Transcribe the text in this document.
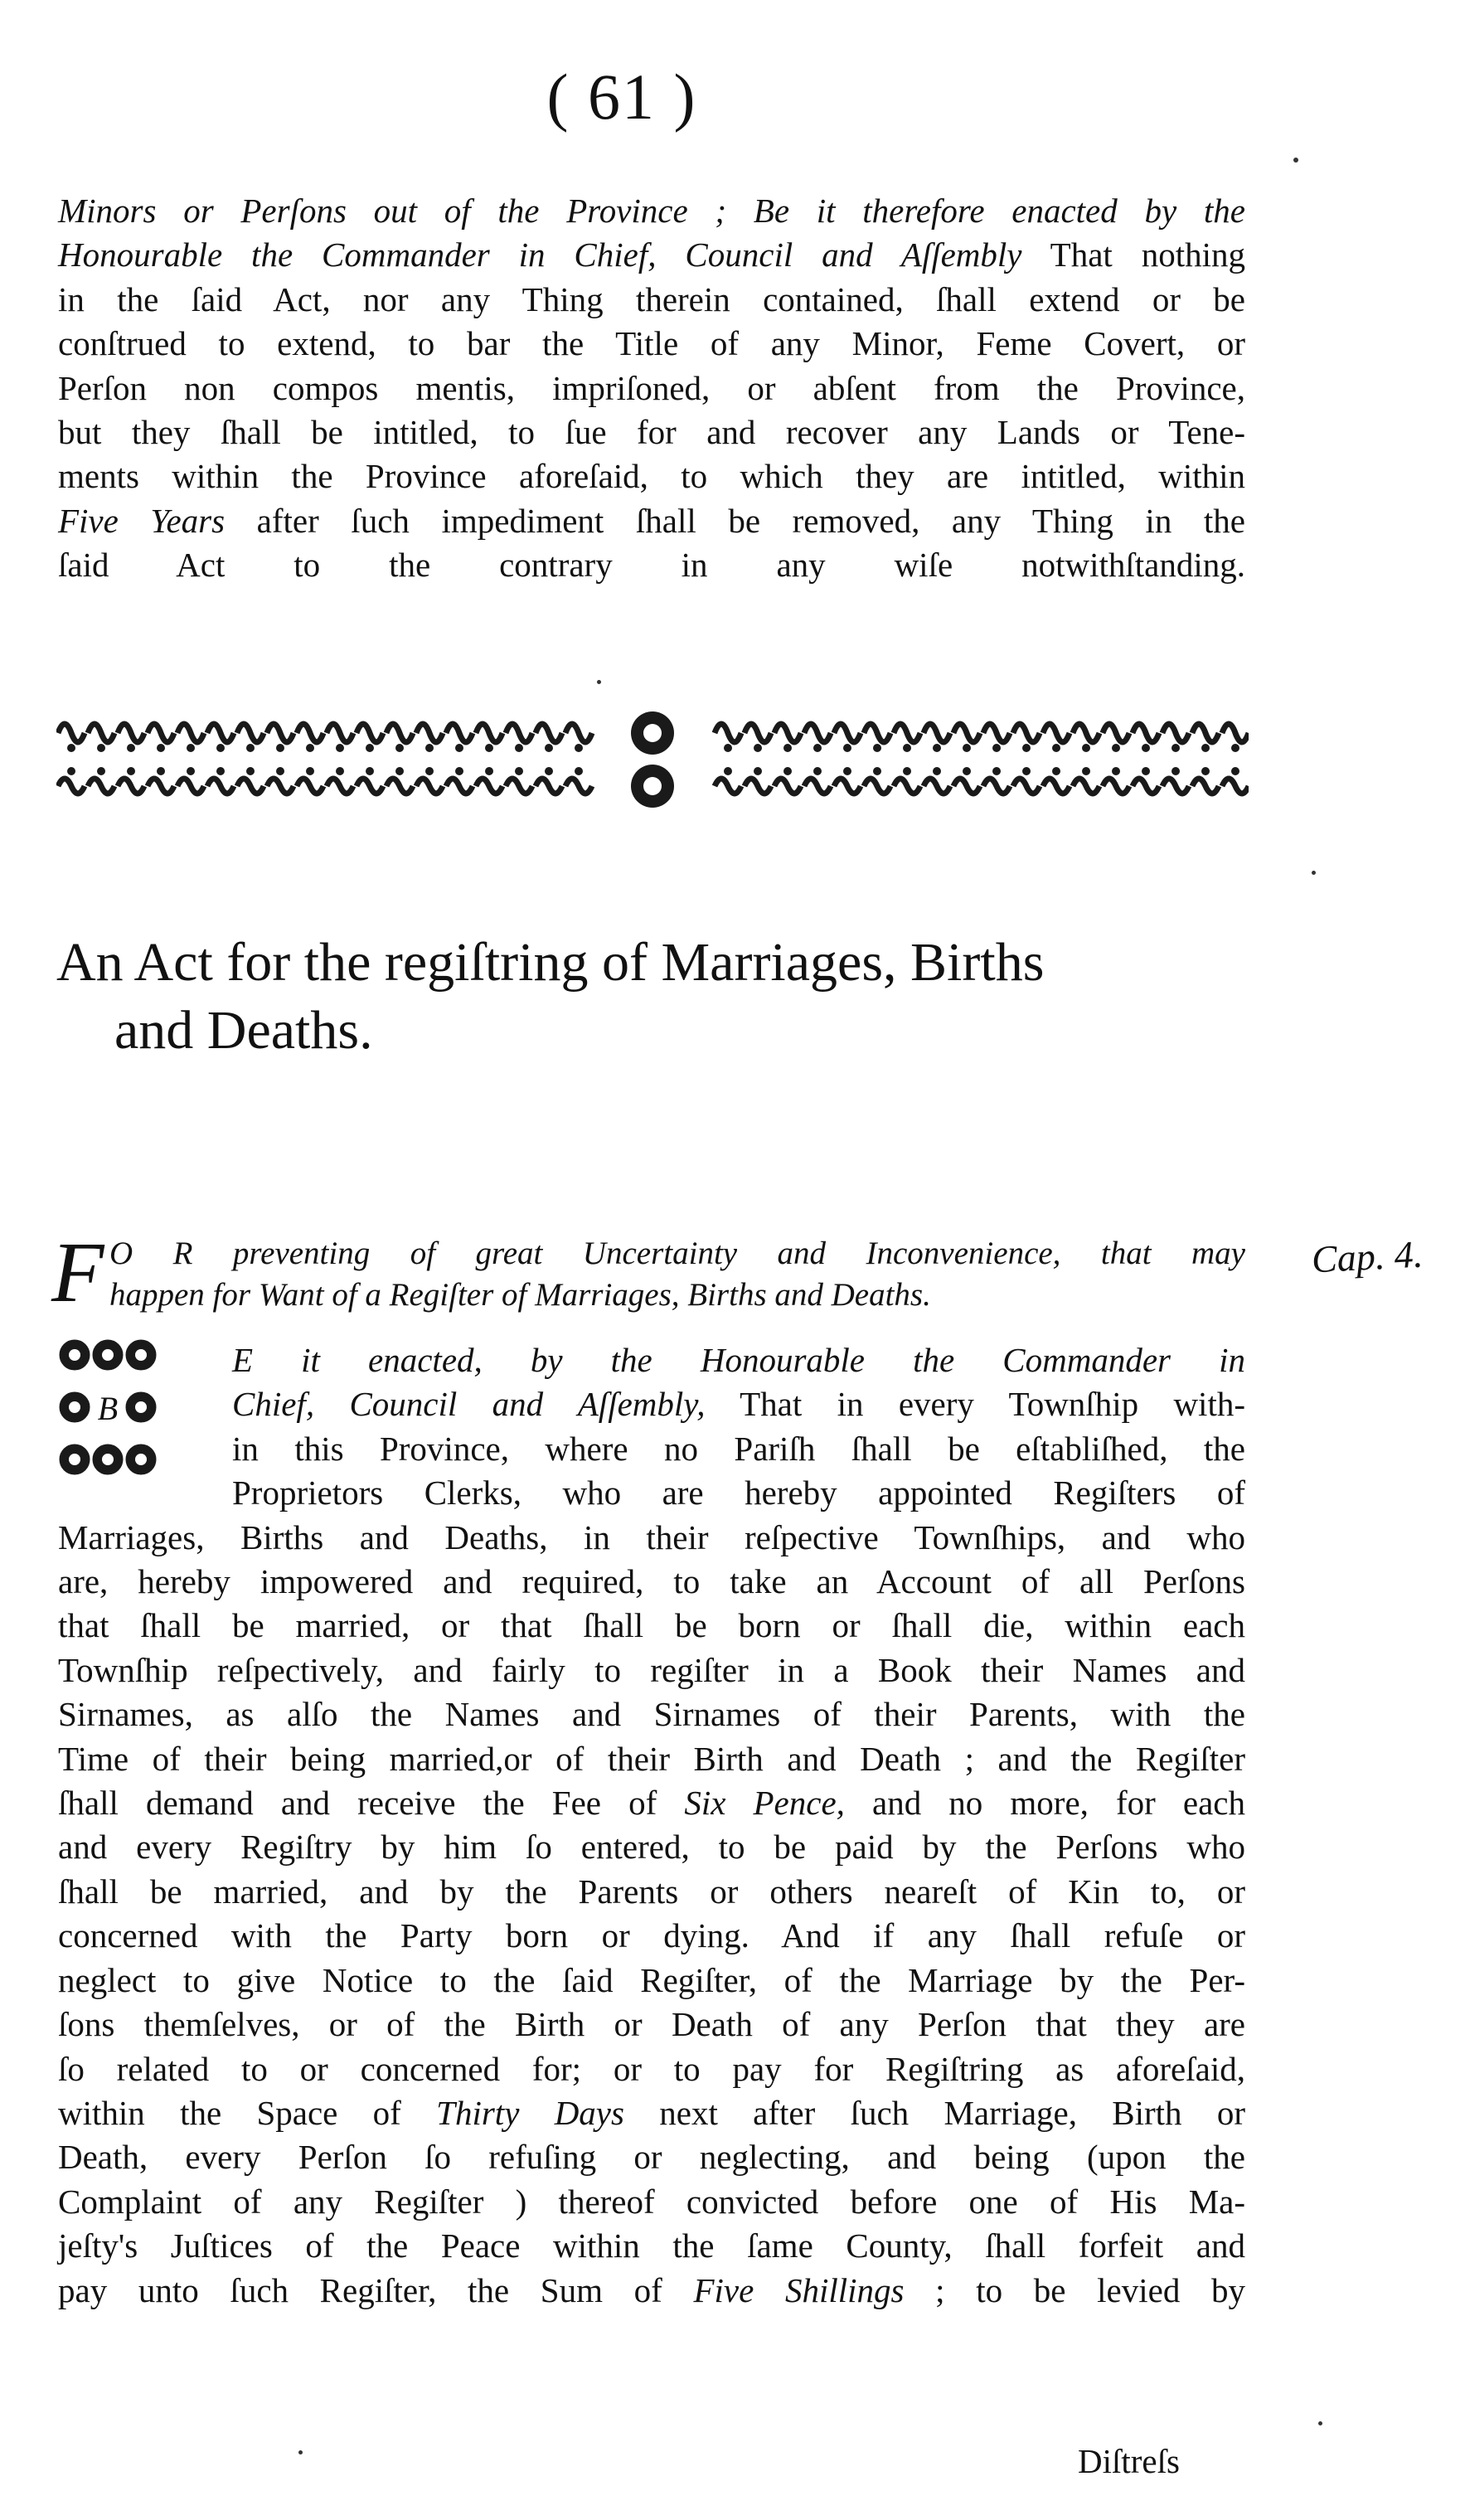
( 61 )
Minors or Perſons out of the Province ; Be it therefore enacted by the
Honourable the Commander in Chief, Council and Aſſembly That nothing
in the ſaid Act, nor any Thing therein contained, ſhall extend or be
conſtrued to extend, to bar the Title of any Minor, Feme Covert, or
Perſon non compos mentis, impriſoned, or abſent from the Province,
but they ſhall be intitled, to ſue for and recover any Lands or Tene-
ments within the Province aforeſaid, to which they are intitled, within
Five Years after ſuch impediment ſhall be removed, any Thing in the
ſaid Act to the contrary in any wiſe notwithſtanding.
An Act for the regiſtring of Marriages, Births
and Deaths.
F O R preventing of great Uncertainty and Inconvenience, that may
happen for Want of a Regiſter of Marriages, Births and Deaths.
Cap. 4.
B
E it enacted, by the Honourable the Commander in
Chief, Council and Aſſembly, That in every Townſhip with-
in this Province, where no Pariſh ſhall be eſtabliſhed, the
Proprietors Clerks, who are hereby appointed Regiſters of
Marriages, Births and Deaths, in their reſpective Townſhips, and who
are, hereby impowered and required, to take an Account of all Perſons
that ſhall be married, or that ſhall be born or ſhall die, within each
Townſhip reſpectively, and fairly to regiſter in a Book their Names and
Sirnames, as alſo the Names and Sirnames of their Parents, with the
Time of their being married,or of their Birth and Death ; and the Regiſter
ſhall demand and receive the Fee of Six Pence, and no more, for each
and every Regiſtry by him ſo entered, to be paid by the Perſons who
ſhall be married, and by the Parents or others neareſt of Kin to, or
concerned with the Party born or dying. And if any ſhall refuſe or
neglect to give Notice to the ſaid Regiſter, of the Marriage by the Per-
ſons themſelves, or of the Birth or Death of any Perſon that they are
ſo related to or concerned for; or to pay for Regiſtring as aforeſaid,
within the Space of Thirty Days next after ſuch Marriage, Birth or
Death, every Perſon ſo refuſing or neglecting, and being (upon the
Complaint of any Regiſter ) thereof convicted before one of His Ma-
jeſty's Juſtices of the Peace within the ſame County, ſhall forfeit and
pay unto ſuch Regiſter, the Sum of Five Shillings ; to be levied by
Diſtreſs
